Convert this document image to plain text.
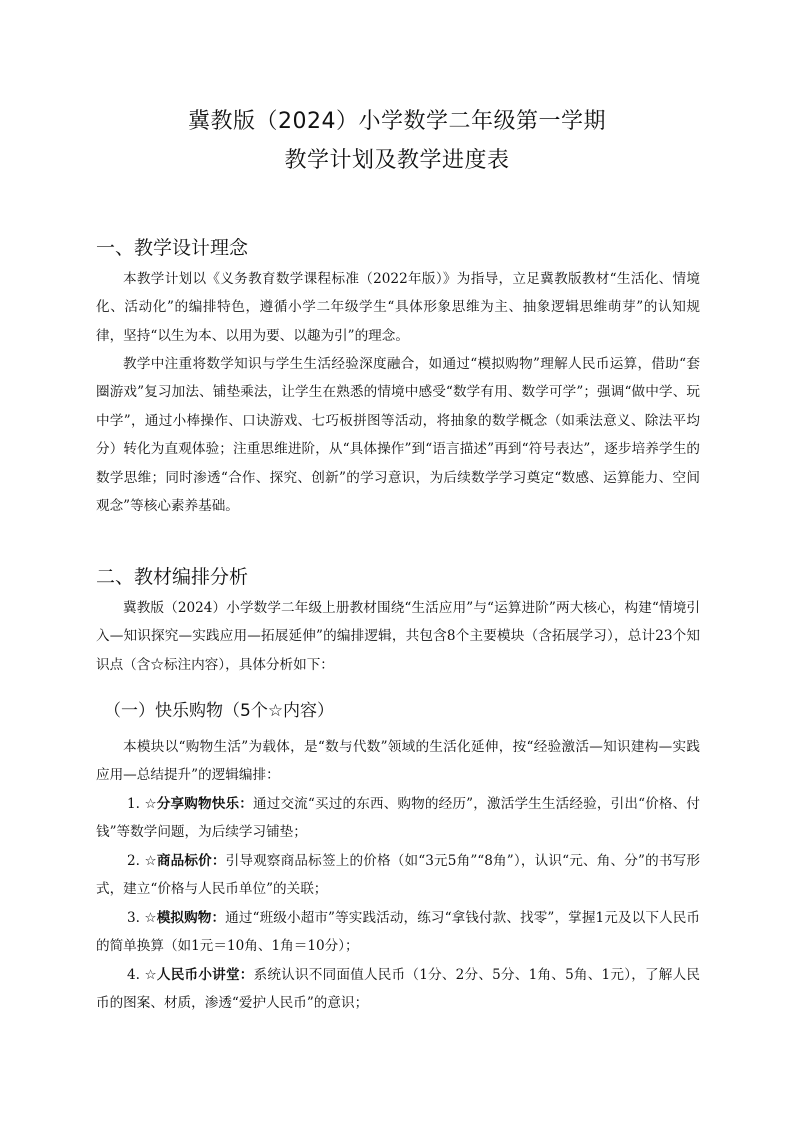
冀教版（2024）小学数学二年级第一学期
教学计划及教学进度表
一、教学设计理念
本教学计划以《义务教育数学课程标准（2022年版）》为指导，立足冀教版教材“生活化、情境化、活动化”的编排特色，遵循小学二年级学生“具体形象思维为主、抽象逻辑思维萌芽”的认知规律，坚持“以生为本、以用为要、以趣为引”的理念。
教学中注重将数学知识与学生生活经验深度融合，如通过“模拟购物”理解人民币运算，借助“套圈游戏”复习加法、铺垫乘法，让学生在熟悉的情境中感受“数学有用、数学可学”；强调“做中学、玩中学”，通过小棒操作、口诀游戏、七巧板拼图等活动，将抽象的数学概念（如乘法意义、除法平均分）转化为直观体验；注重思维进阶，从“具体操作”到“语言描述”再到“符号表达”，逐步培养学生的数学思维；同时渗透“合作、探究、创新”的学习意识，为后续数学学习奠定“数感、运算能力、空间观念”等核心素养基础。
二、教材编排分析
冀教版（2024）小学数学二年级上册教材围绕“生活应用”与“运算进阶”两大核心，构建“情境引入—知识探究—实践应用—拓展延伸”的编排逻辑，共包含8个主要模块（含拓展学习），总计23个知识点（含☆标注内容），具体分析如下：
（一）快乐购物（5个☆内容）
本模块以“购物生活”为载体，是“数与代数”领域的生活化延伸，按“经验激活—知识建构—实践应用—总结提升”的逻辑编排：
1. ☆分享购物快乐：通过交流“买过的东西、购物的经历”，激活学生生活经验，引出“价格、付钱”等数学问题，为后续学习铺垫；
2. ☆商品标价：引导观察商品标签上的价格（如“3元5角”“8角”），认识“元、角、分”的书写形式，建立“价格与人民币单位”的关联；
3. ☆模拟购物：通过“班级小超市”等实践活动，练习“拿钱付款、找零”，掌握1元及以下人民币的简单换算（如1元＝10角、1角＝10分）；
4. ☆人民币小讲堂：系统认识不同面值人民币（1分、2分、5分、1角、5角、1元），了解人民币的图案、材质，渗透“爱护人民币”的意识；
